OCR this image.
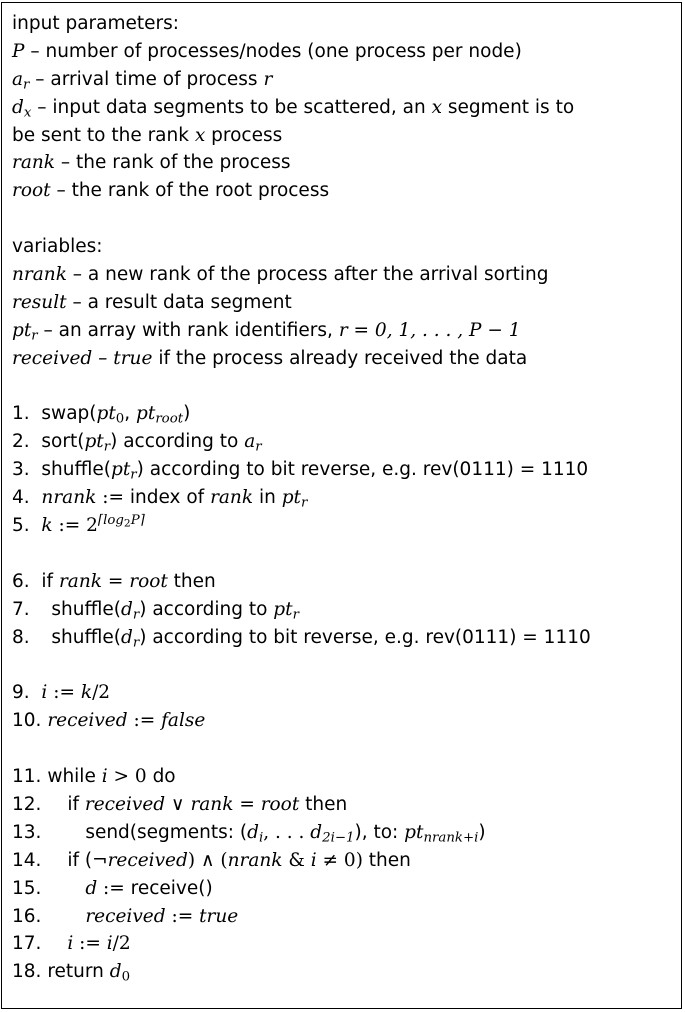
input parameters:
P – number of processes/nodes (one process per node)
$a_r$ – arrival time of process r
$d_x$ – input data segments to be scattered, an x segment is to
be sent to the rank x process
rank – the rank of the process
root – the rank of the root process
variables:
nrank – a new rank of the process after the arrival sorting
result – a result data segment
$pt_r$ – an array with rank identifiers, r = 0, 1, . . . , P − 1
received – true if the process already received the data
1. $swap(pt_0$, $pt_{root}$)
2. $sort(pt_r)$ according to $a_r$
3. $shuffle(pt_r)$ according to bit reverse, e.g. rev(0111) = 1110
4. nrank := index of rank in $pt_r$
5. k := $2^{⌈log_2P⌉}$
6. if rank = root then
7. $shuffle(d_r)$ according to $pt_r$
8. $shuffle(d_r)$ according to bit reverse, e.g. rev(0111) = 1110
9. i := k/2
10. received := false
11. while i > 0 do
12. if received ∨ rank = root then
13. send(segments: ($d_i$, . . . $d_{2i-1}$), to: $pt_{nrank+i}$)
14. if (¬received) ∧ (nrank & i ≠ 0) then
15. d := receive()
16. received := true
17. i := i/2
18. return $d_0$
